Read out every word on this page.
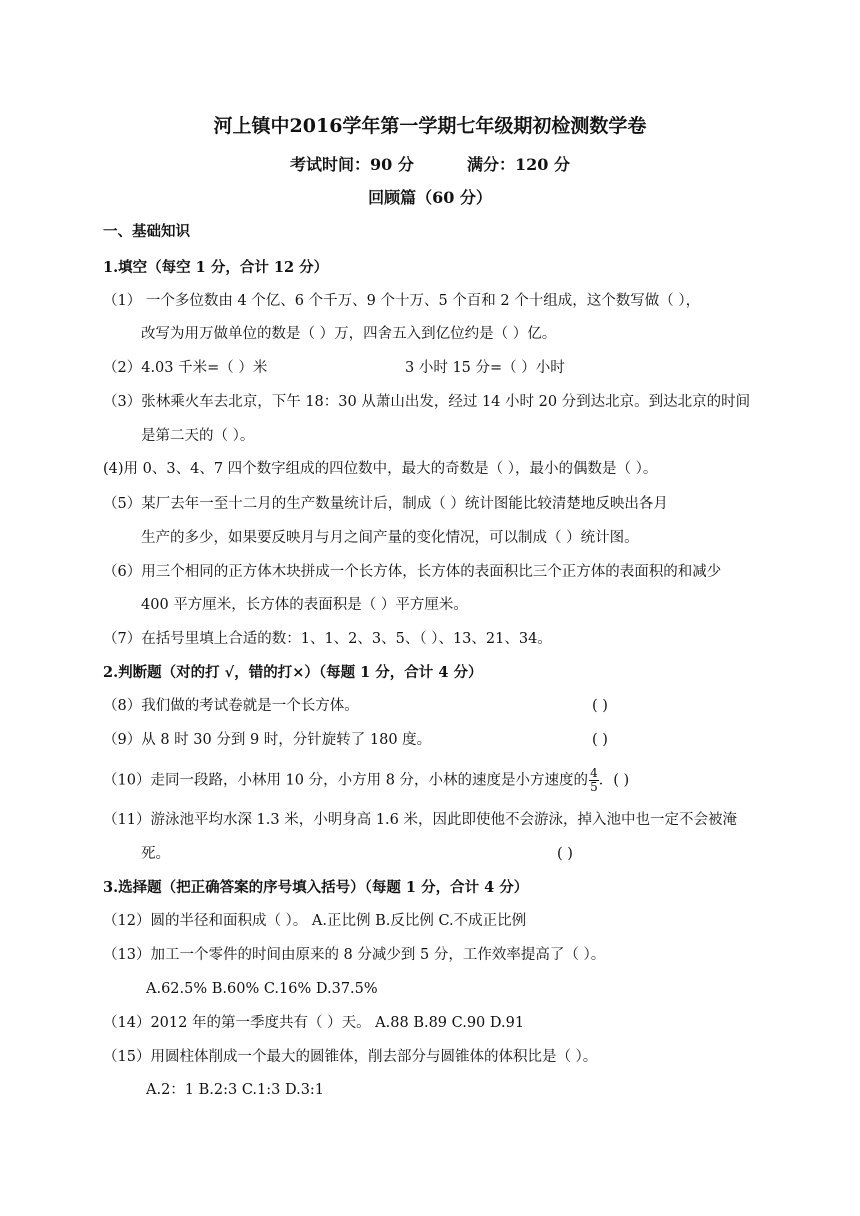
河上镇中2016学年第一学期七年级期初检测数学卷
考试时间：90 分	满分：120 分
回顾篇（60 分）
一、基础知识
1.填空（每空 1 分，合计 12 分）
（1） 一个多位数由 4 个亿、6 个千万、9 个十万、5 个百和 2 个十组成，这个数写做（ ），
改写为用万做单位的数是（ ）万，四舍五入到亿位约是（ ）亿。
（2）4.03 千米=（ ）米	3 小时 15 分=（ ）小时
（3）张林乘火车去北京，下午 18：30 从萧山出发，经过 14 小时 20 分到达北京。到达北京的时间
是第二天的（ ）。
(4)用 0、3、4、7 四个数字组成的四位数中，最大的奇数是（ ），最小的偶数是（ ）。
（5）某厂去年一至十二月的生产数量统计后，制成（ ）统计图能比较清楚地反映出各月
生产的多少，如果要反映月与月之间产量的变化情况，可以制成（ ）统计图。
（6）用三个相同的正方体木块拼成一个长方体，长方体的表面积比三个正方体的表面积的和减少
400 平方厘米，长方体的表面积是（ ）平方厘米。
（7）在括号里填上合适的数：1、1、2、3、5、（ ）、13、21、34。
2.判断题（对的打 √，错的打×）（每题 1 分，合计 4 分）
（8）我们做的考试卷就是一个长方体。	( )
（9）从 8 时 30 分到 9 时，分针旋转了 180 度。	( )
（10）走同一段路，小林用 10 分，小方用 8 分，小林的速度是小方速度的 $\frac{4}{5}$ ．( )
（11）游泳池平均水深 1.3 米，小明身高 1.6 米，因此即使他不会游泳，掉入池中也一定不会被淹
死。	( )
3.选择题（把正确答案的序号填入括号）（每题 1 分，合计 4 分）
（12）圆的半径和面积成（ ）。 A.正比例 B.反比例 C.不成正比例
（13）加工一个零件的时间由原来的 8 分减少到 5 分，工作效率提高了（ ）。
A.62.5% B.60% C.16% D.37.5%
（14）2012 年的第一季度共有（ ）天。 A.88 B.89 C.90 D.91
（15）用圆柱体削成一个最大的圆锥体，削去部分与圆锥体的体积比是（ ）。
A.2：1 B.2:3 C.1:3 D.3:1
